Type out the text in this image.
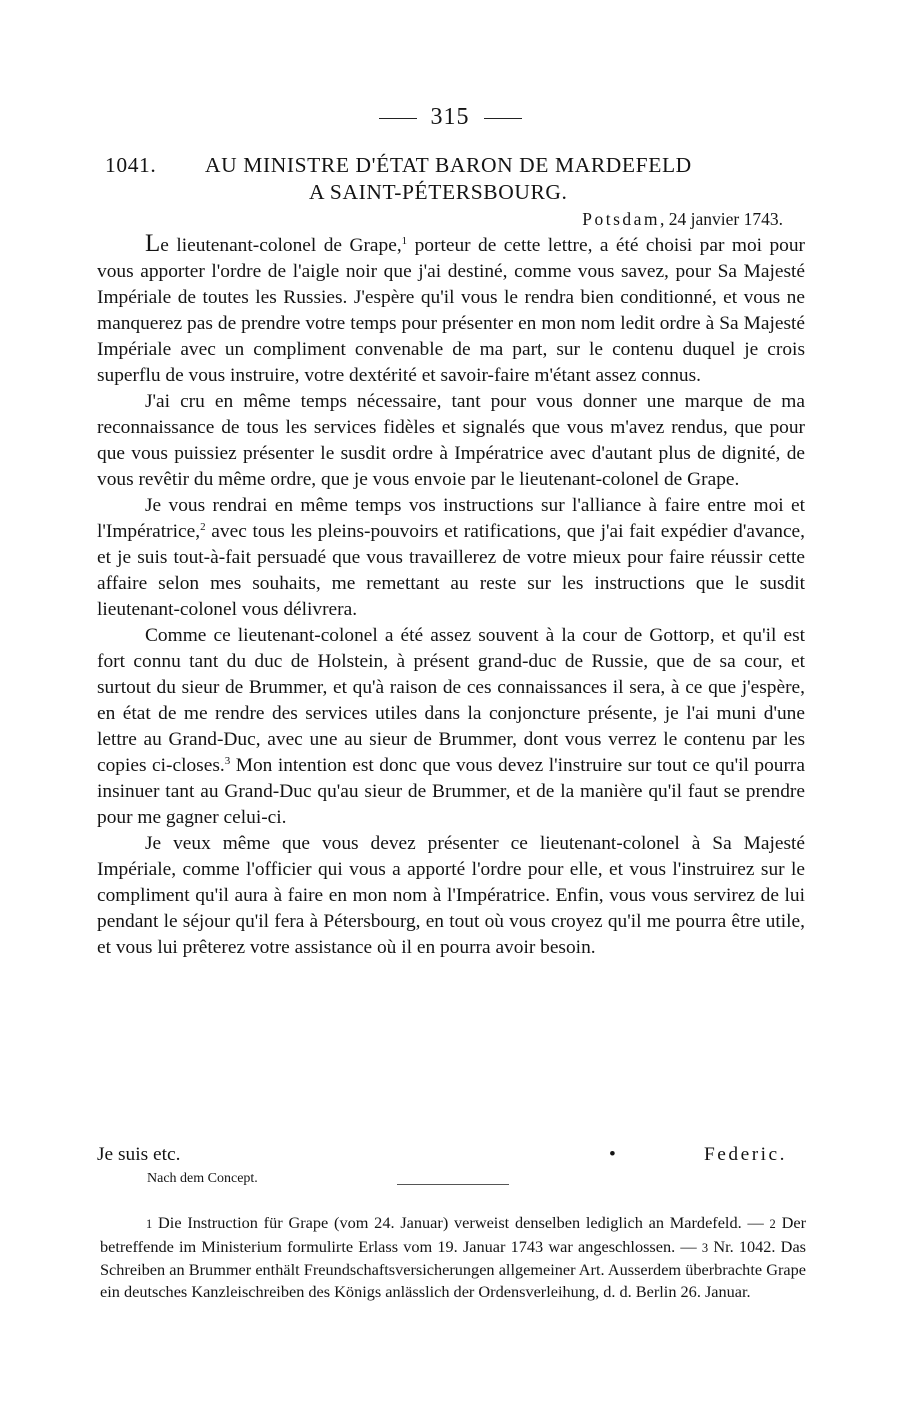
315
1041. AU MINISTRE D'ÉTAT BARON DE MARDEFELD
A SAINT-PÉTERSBOURG.
Potsdam, 24 janvier 1743.

Le lieutenant-colonel de Grape,$^1$ porteur de cette lettre, a été choisi par moi pour vous apporter l'ordre de l'aigle noir que j'ai destiné, comme vous savez, pour Sa Majesté Impériale de toutes les Russies. J'espère qu'il vous le rendra bien conditionné, et vous ne manquerez pas de prendre votre temps pour présenter en mon nom ledit ordre à Sa Majesté Impériale avec un compliment convenable de ma part, sur le contenu duquel je crois superflu de vous instruire, votre dextérité et savoir-faire m'étant assez connus.

J'ai cru en même temps nécessaire, tant pour vous donner une marque de ma reconnaissance de tous les services fidèles et signalés que vous m'avez rendus, que pour que vous puissiez présenter le susdit ordre à Impératrice avec d'autant plus de dignité, de vous revêtir du même ordre, que je vous envoie par le lieutenant-colonel de Grape.

Je vous rendrai en même temps vos instructions sur l'alliance à faire entre moi et l'Impératrice,$^2$ avec tous les pleins-pouvoirs et ratifications, que j'ai fait expédier d'avance, et je suis tout-à-fait persuadé que vous travaillerez de votre mieux pour faire réussir cette affaire selon mes souhaits, me remettant au reste sur les instructions que le susdit lieutenant-colonel vous délivrera.

Comme ce lieutenant-colonel a été assez souvent à la cour de Gottorp, et qu'il est fort connu tant du duc de Holstein, à présent grand-duc de Russie, que de sa cour, et surtout du sieur de Brummer, et qu'à raison de ces connaissances il sera, à ce que j'espère, en état de me rendre des services utiles dans la conjoncture présente, je l'ai muni d'une lettre au Grand-Duc, avec une au sieur de Brummer, dont vous verrez le contenu par les copies ci-closes.$^3$ Mon intention est donc que vous devez l'instruire sur tout ce qu'il pourra insinuer tant au Grand-Duc qu'au sieur de Brummer, et de la manière qu'il faut se prendre pour me gagner celui-ci.

Je veux même que vous devez présenter ce lieutenant-colonel à Sa Majesté Impériale, comme l'officier qui vous a apporté l'ordre pour elle, et vous l'instruirez sur le compliment qu'il aura à faire en mon nom à l'Impératrice. Enfin, vous vous servirez de lui pendant le séjour qu'il fera à Pétersbourg, en tout où vous croyez qu'il me pourra être utile, et vous lui prêterez votre assistance où il en pourra avoir besoin.

Je suis etc.	•	Federic.
Nach dem Concept.

1 Die Instruction für Grape (vom 24. Januar) verweist denselben lediglich an Mardefeld. — 2 Der betreffende im Ministerium formulirte Erlass vom 19. Januar 1743 war angeschlossen. — 3 Nr. 1042. Das Schreiben an Brummer enthält Freundschaftsversicherungen allgemeiner Art. Ausserdem überbrachte Grape ein deutsches Kanzleischreiben des Königs anlässlich der Ordensverleihung, d. d. Berlin 26. Januar.
